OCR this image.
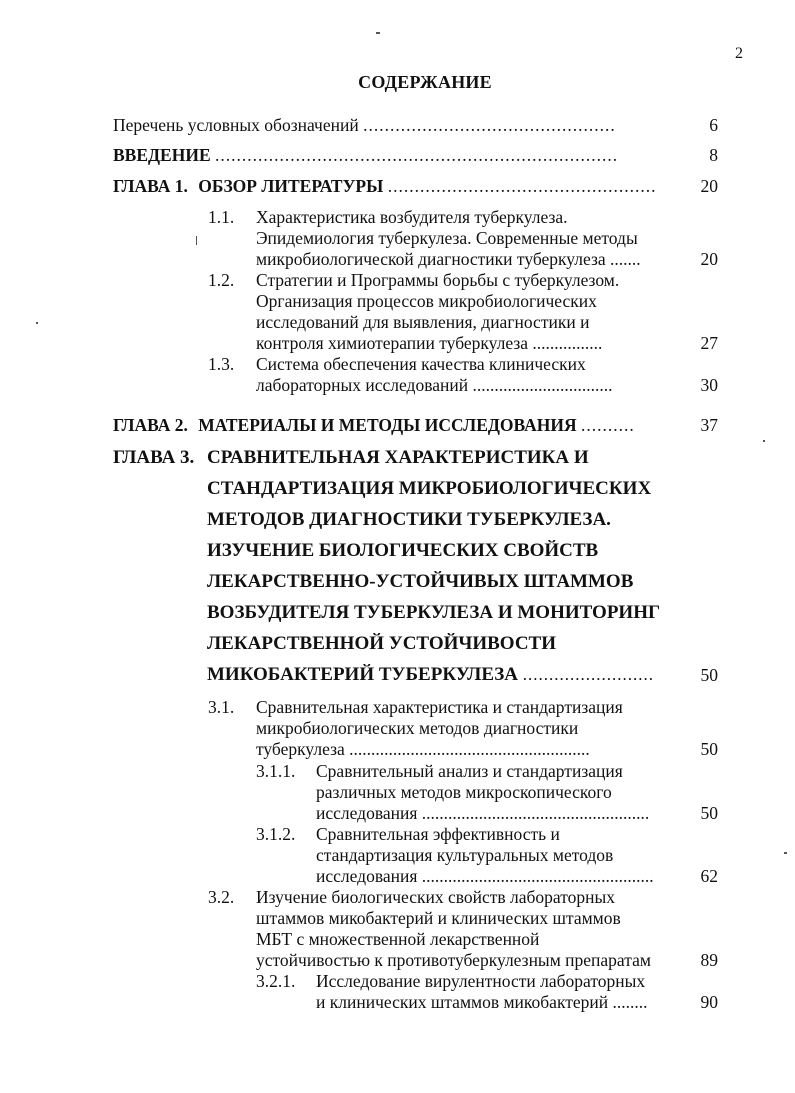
2
СОДЕРЖАНИЕ
Перечень условных обозначений ...............................................	6
ВВЕДЕНИЕ ...........................................................................	8
ГЛАВА 1. ОБЗОР ЛИТЕРАТУРЫ ..................................................	20
1.1. Характеристика возбудителя туберкулеза.
Эпидемиология туберкулеза. Современные методы
микробиологической диагностики туберкулеза .......	20
1.2. Стратегии и Программы борьбы с туберкулезом.
Организация процессов микробиологических
исследований для выявления, диагностики и
контроля химиотерапии туберкулеза ................	27
1.3. Система обеспечения качества клинических
лабораторных исследований ................................	30
ГЛАВА 2. МАТЕРИАЛЫ И МЕТОДЫ ИССЛЕДОВАНИЯ ..........	37
ГЛАВА 3. СРАВНИТЕЛЬНАЯ ХАРАКТЕРИСТИКА И
СТАНДАРТИЗАЦИЯ МИКРОБИОЛОГИЧЕСКИХ
МЕТОДОВ ДИАГНОСТИКИ ТУБЕРКУЛЕЗА.
ИЗУЧЕНИЕ БИОЛОГИЧЕСКИХ СВОЙСТВ
ЛЕКАРСТВЕННО-УСТОЙЧИВЫХ ШТАММОВ
ВОЗБУДИТЕЛЯ ТУБЕРКУЛЕЗА И МОНИТОРИНГ
ЛЕКАРСТВЕННОЙ УСТОЙЧИВОСТИ
МИКОБАКТЕРИЙ ТУБЕРКУЛЕЗА .........................	50
3.1. Сравнительная характеристика и стандартизация
микробиологических методов диагностики
туберкулеза .......................................................	50
3.1.1. Сравнительный анализ и стандартизация
различных методов микроскопического
исследования ....................................................	50
3.1.2. Сравнительная эффективность и
стандартизация культуральных методов
исследования .....................................................	62
3.2. Изучение биологических свойств лабораторных
штаммов микобактерий и клинических штаммов
МБТ с множественной лекарственной
устойчивостью к противотуберкулезным препаратам	89
3.2.1. Исследование вирулентности лабораторных
и клинических штаммов микобактерий ........	90
